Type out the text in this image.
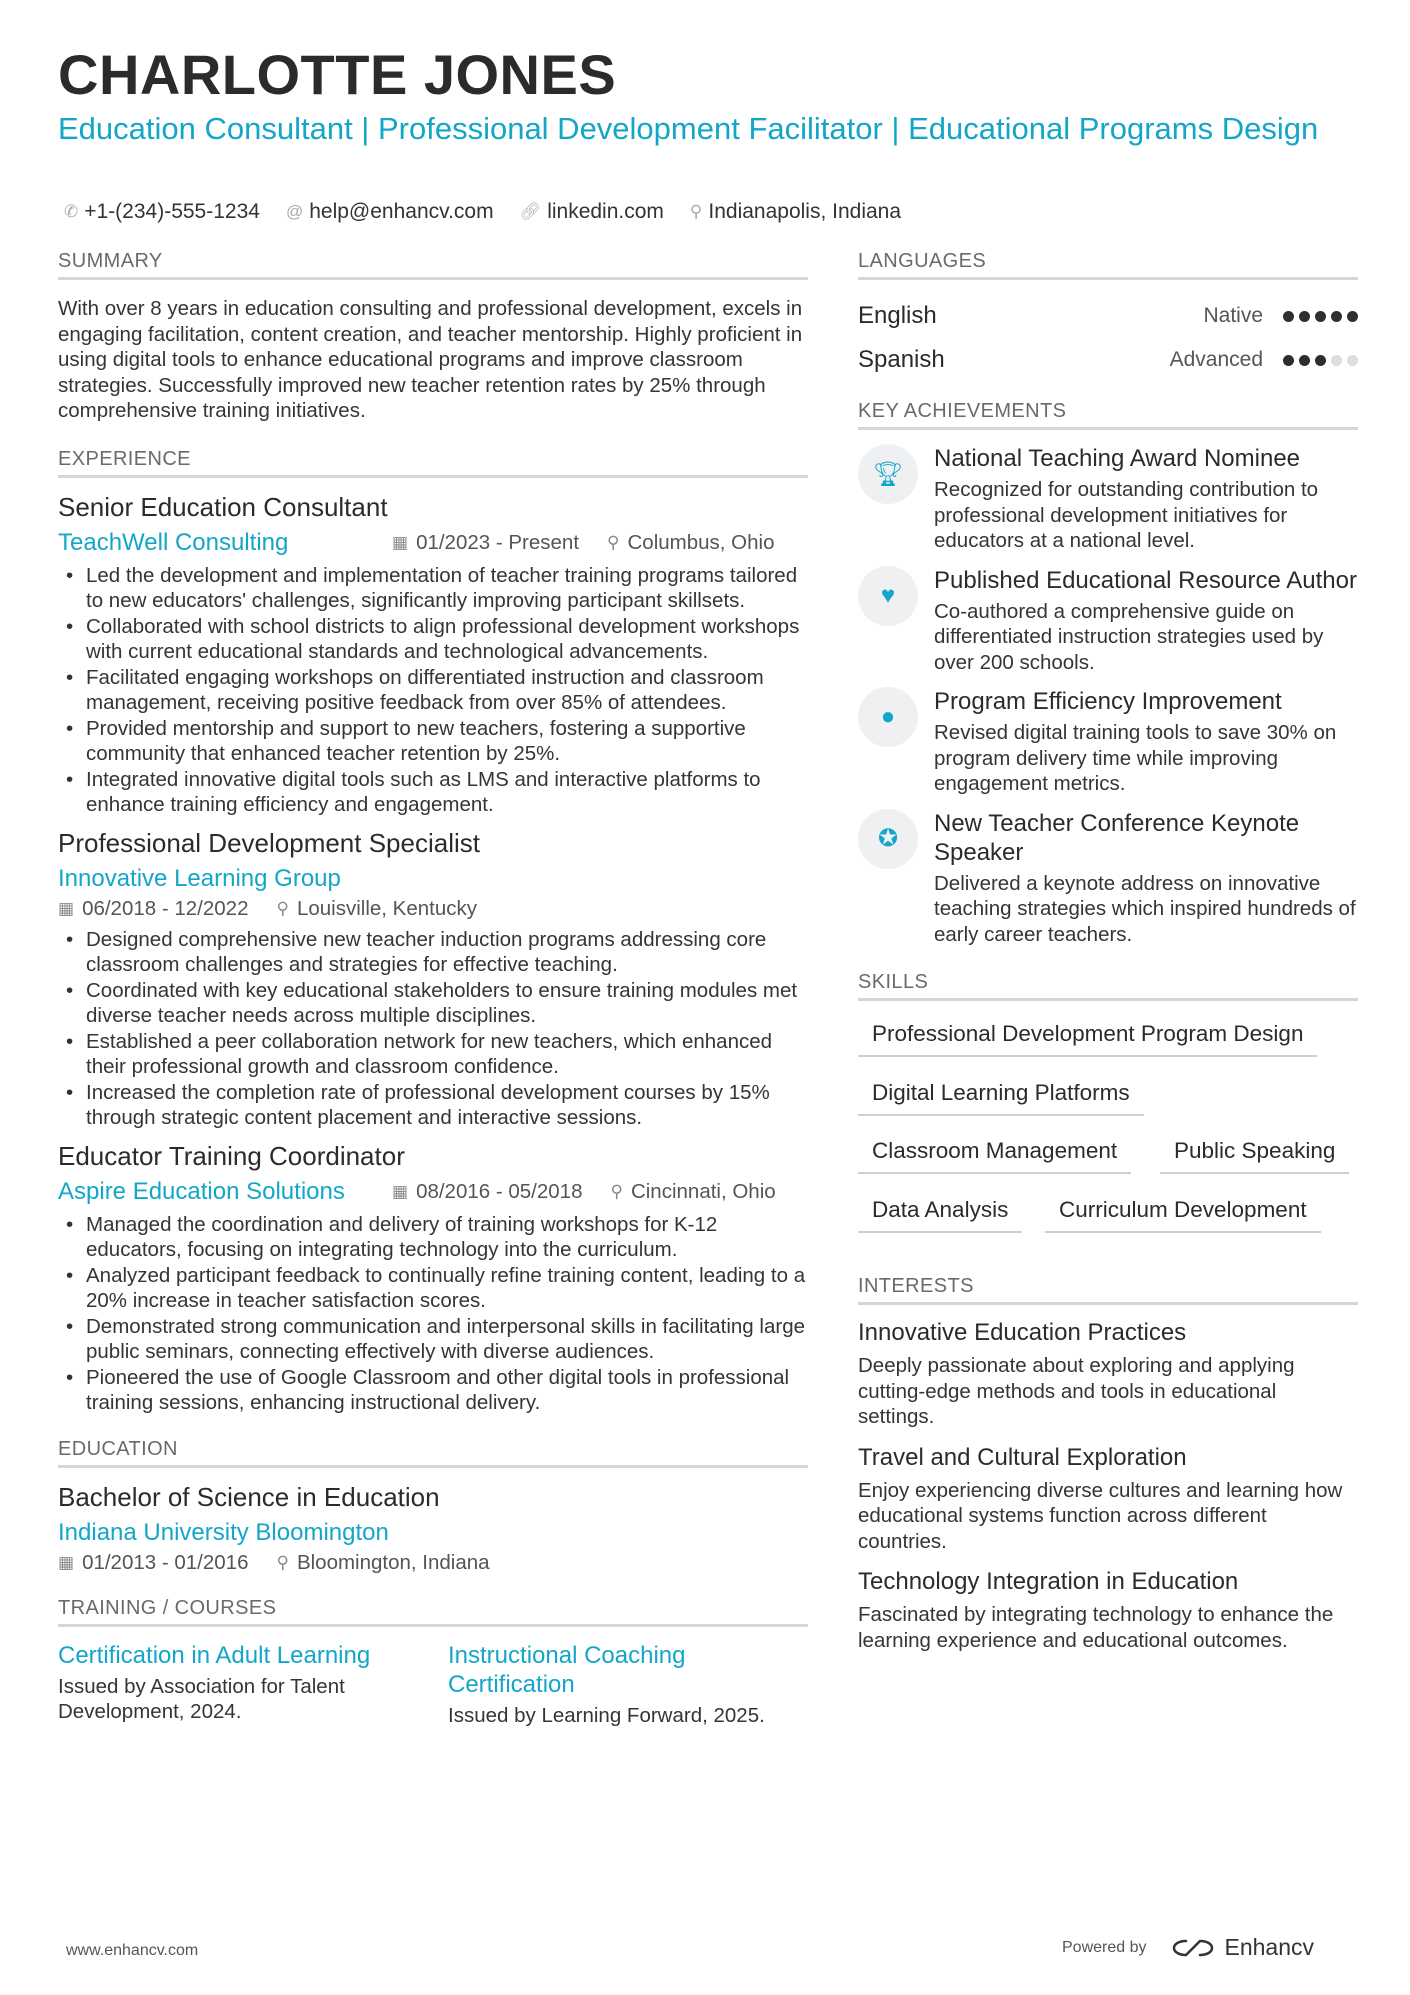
CHARLOTTE JONES
Education Consultant | Professional Development Facilitator | Educational Programs Design
✆ +1-(234)-555-1234 @ help@enhancv.com 🔗︎ linkedin.com ⚲ Indianapolis, Indiana
SUMMARY
With over 8 years in education consulting and professional development, excels in engaging facilitation, content creation, and teacher mentorship. Highly proficient in using digital tools to enhance educational programs and improve classroom strategies. Successfully improved new teacher retention rates by 25% through comprehensive training initiatives.
EXPERIENCE
Senior Education Consultant
TeachWell Consulting	▦ 01/2023 - Present ⚲ Columbus, Ohio
• Led the development and implementation of teacher training programs tailored to new educators' challenges, significantly improving participant skillsets.
• Collaborated with school districts to align professional development workshops with current educational standards and technological advancements.
• Facilitated engaging workshops on differentiated instruction and classroom management, receiving positive feedback from over 85% of attendees.
• Provided mentorship and support to new teachers, fostering a supportive community that enhanced teacher retention by 25%.
• Integrated innovative digital tools such as LMS and interactive platforms to enhance training efficiency and engagement.
Professional Development Specialist
Innovative Learning Group
▦ 06/2018 - 12/2022 ⚲ Louisville, Kentucky
• Designed comprehensive new teacher induction programs addressing core classroom challenges and strategies for effective teaching.
• Coordinated with key educational stakeholders to ensure training modules met diverse teacher needs across multiple disciplines.
• Established a peer collaboration network for new teachers, which enhanced their professional growth and classroom confidence.
• Increased the completion rate of professional development courses by 15% through strategic content placement and interactive sessions.
Educator Training Coordinator
Aspire Education Solutions	▦ 08/2016 - 05/2018 ⚲ Cincinnati, Ohio
• Managed the coordination and delivery of training workshops for K-12 educators, focusing on integrating technology into the curriculum.
• Analyzed participant feedback to continually refine training content, leading to a 20% increase in teacher satisfaction scores.
• Demonstrated strong communication and interpersonal skills in facilitating large public seminars, connecting effectively with diverse audiences.
• Pioneered the use of Google Classroom and other digital tools in professional training sessions, enhancing instructional delivery.
EDUCATION
Bachelor of Science in Education
Indiana University Bloomington
▦ 01/2013 - 01/2016 ⚲ Bloomington, Indiana
TRAINING / COURSES
Certification in Adult Learning
Issued by Association for Talent Development, 2024.
Instructional Coaching Certification
Issued by Learning Forward, 2025.
LANGUAGES
English	Native
Spanish	Advanced
KEY ACHIEVEMENTS
🏆︎
National Teaching Award Nominee
Recognized for outstanding contribution to professional development initiatives for educators at a national level.
♥
Published Educational Resource Author
Co-authored a comprehensive guide on differentiated instruction strategies used by over 200 schools.
●
Program Efficiency Improvement
Revised digital training tools to save 30% on program delivery time while improving engagement metrics.
✪
New Teacher Conference Keynote Speaker
Delivered a keynote address on innovative teaching strategies which inspired hundreds of early career teachers.
SKILLS
Professional Development Program Design
Digital Learning Platforms
Classroom Management	Public Speaking
Data Analysis	Curriculum Development
INTERESTS
Innovative Education Practices
Deeply passionate about exploring and applying cutting-edge methods and tools in educational settings.
Travel and Cultural Exploration
Enjoy experiencing diverse cultures and learning how educational systems function across different countries.
Technology Integration in Education
Fascinated by integrating technology to enhance the learning experience and educational outcomes.
www.enhancv.com	Powered by	Enhancv
